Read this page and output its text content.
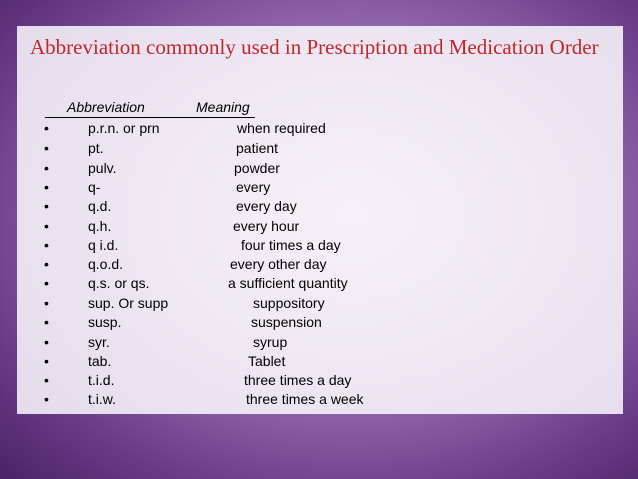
Abbreviation commonly used in Prescription and Medication Order
Abbreviation	Meaning
•	p.r.n. or prn	when required
•	pt.	patient
•	pulv.	powder
•	q-	every
•	q.d.	every day
•	q.h.	every hour
•	q i.d.	four times a day
•	q.o.d.	every other day
•	q.s. or qs.	a sufficient quantity
•	sup. Or supp	suppository
•	susp.	suspension
•	syr.	syrup
•	tab.	Tablet
•	t.i.d.	three times a day
•	t.i.w.	three times a week
